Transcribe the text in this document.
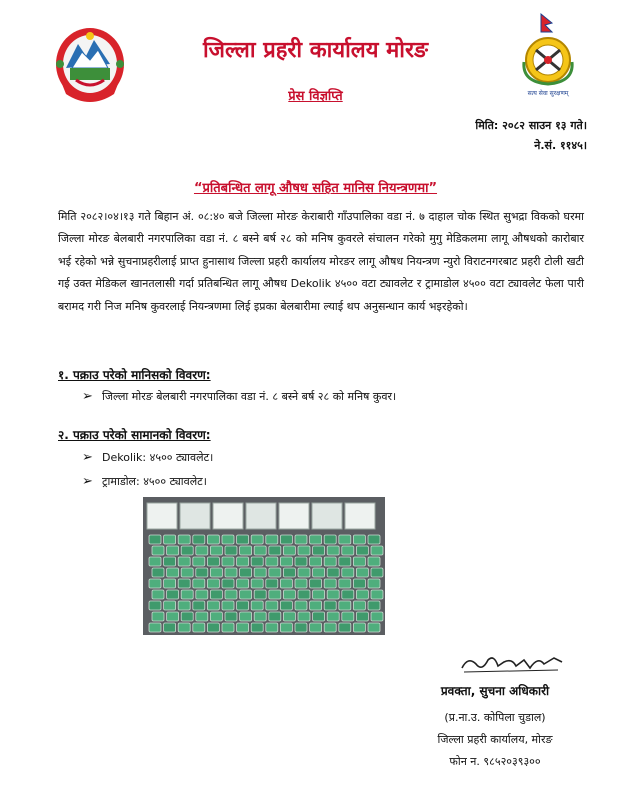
जिल्ला प्रहरी कार्यालय मोरङ
सत्य सेवा सुरक्षणम्
प्रेस विज्ञप्ति
मिति: २०८२ साउन १३ गते।
ने.सं. ११४५।
“प्रतिबन्धित लागू औषध सहित मानिस नियन्त्रणमा”
मिति २०८२।०४।१३ गते बिहान अं. ०८:४० बजे जिल्ला मोरङ केराबारी गाँउपालिका वडा नं. ७ दाहाल चोक स्थित सुभद्रा विकको घरमा जिल्ला मोरङ बेलबारी नगरपालिका वडा नं. ८ बस्ने बर्ष २८ को मनिष कुवरले संचालन गरेको मुगु मेडिकलमा लागू औषधको कारोबार भई रहेको भन्ने सुचनाप्रहरीलाई प्राप्त हुनासाथ जिल्ला प्रहरी कार्यालय मोरङर लागू औषध नियन्त्रण न्युरो विराटनगरबाट प्रहरी टोली खटी गई उक्त मेडिकल खानतलासी गर्दा प्रतिबन्धित लागू औषध Dekolik ४५०० वटा ट्यावलेट र ट्रामाडोल ४५०० वटा ट्यावलेट फेला पारी बरामद गरी निज मनिष कुवरलाई नियन्त्रणमा लिई इप्रका बेलबारीमा ल्याई थप अनुसन्धान कार्य भइरहेको।
१. पक्राउ परेको मानिसको विवरण:
➢ जिल्ला मोरङ बेलबारी नगरपालिका वडा नं. ८ बस्ने बर्ष २८ को मनिष कुवर।
२. पक्राउ परेको सामानको विवरण:
➢ Dekolik: ४५०० ट्यावलेट।
➢ ट्रामाडोल: ४५०० ट्यावलेट।
प्रवक्ता, सुचना अधिकारी
(प्र.ना.उ. कोपिला चुडाल)
जिल्ला प्रहरी कार्यालय, मोरङ
फोन न. ९८५२०३९३००
